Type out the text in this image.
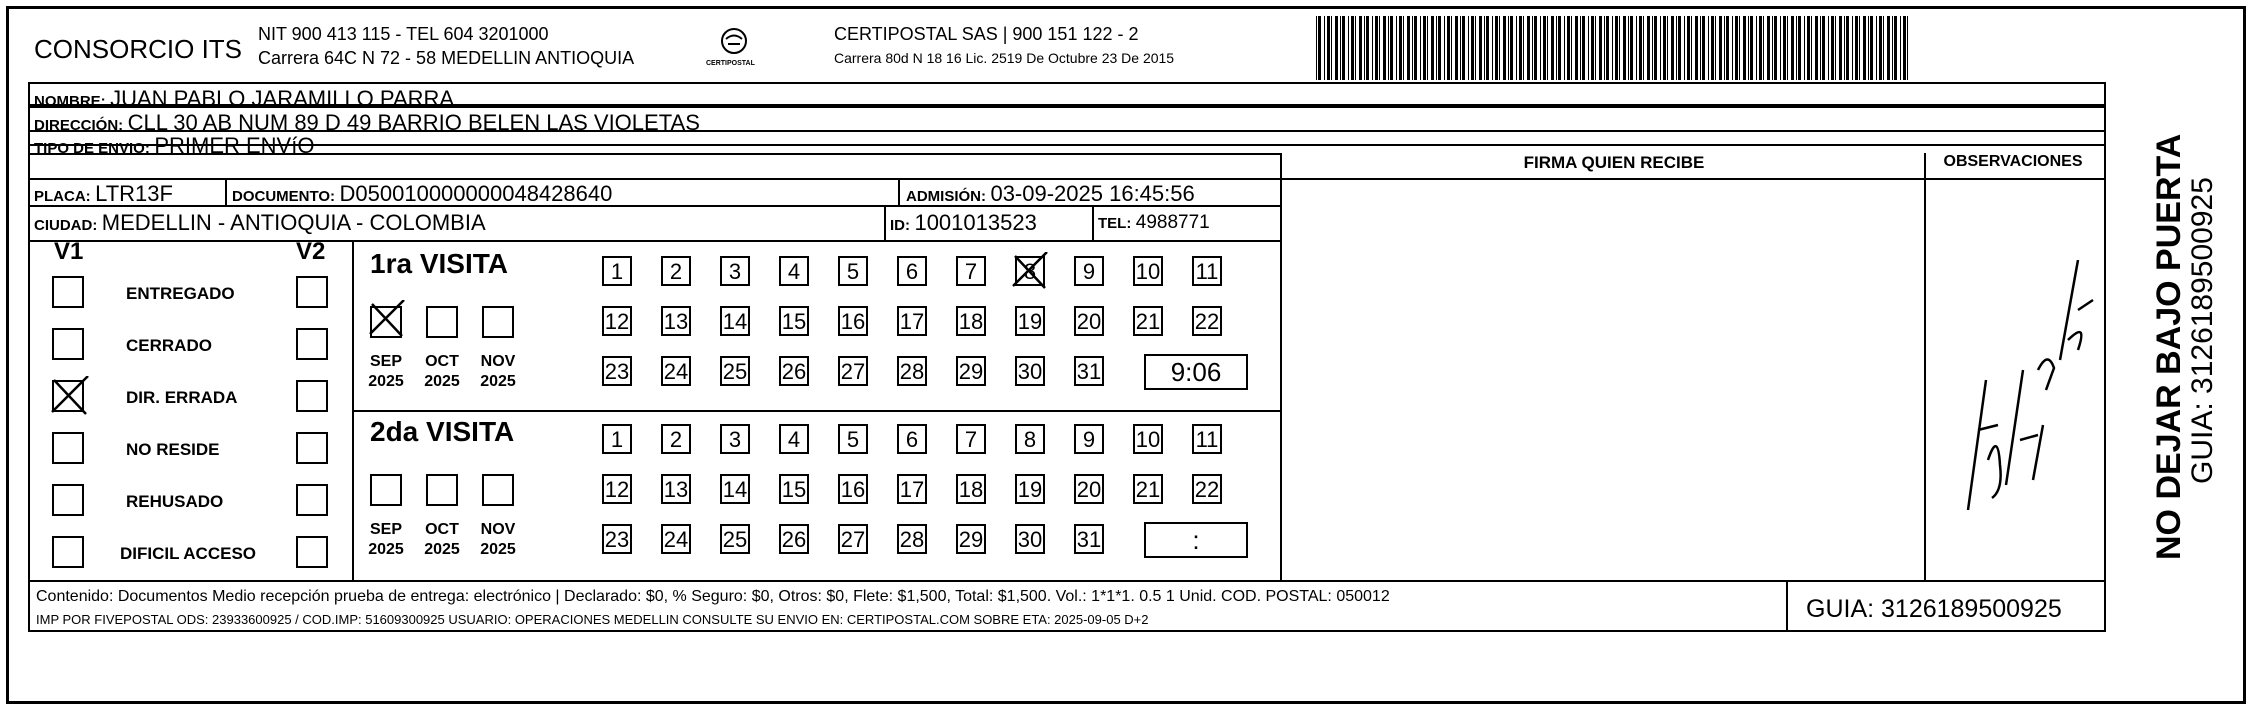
CONSORCIO ITS NIT 900 413 115 - TEL 604 3201000
Carrera 64C N 72 - 58 MEDELLIN ANTIOQUIA	CERTIPOSTAL
CERTIPOSTAL SAS | 900 151 122 - 2
Carrera 80d N 18 16 Lic. 2519 De Octubre 23 De 2015
NOMBRE: JUAN PABLO JARAMILLO PARRA
DIRECCIÓN: CLL 30 AB NUM 89 D 49 BARRIO BELEN LAS VIOLETAS
TIPO DE ENVIO: PRIMER ENVíO
PLACA: LTR13F	DOCUMENTO: D050010000000048428640	ADMISIÓN: 03-09-2025 16:45:56
CIUDAD: MEDELLIN - ANTIOQUIA - COLOMBIA	ID: 1001013523	TEL: 4988771
FIRMA QUIEN RECIBE	OBSERVACIONES
V1	V2
ENTREGADO
CERRADO
DIR. ERRADA
NO RESIDE
REHUSADO
DIFICIL ACCESO
1ra VISITA
SEP
2025
OCT
2025
NOV
2025
1	2	3	4	5	6	7	8	9	10 11
12 13 14 15 16 17 18 19 20 21 22
23 24 25 26 27 28 29 30 31	9:06
2da VISITA
SEP
2025
OCT
2025
NOV
2025
1	2	3	4	5	6	7	8	9	10 11
12 13 14 15 16 17 18 19 20 21 22
23 24 25 26 27 28 29 30 31	:
Contenido: Documentos Medio recepción prueba de entrega: electrónico | Declarado: $0, % Seguro: $0, Otros: $0, Flete: $1,500, Total: $1,500. Vol.: 1*1*1. 0.5 1 Unid. COD. POSTAL: 050012
IMP POR FIVEPOSTAL ODS: 23933600925 / COD.IMP: 51609300925 USUARIO: OPERACIONES MEDELLIN CONSULTE SU ENVIO EN: CERTIPOSTAL.COM SOBRE ETA: 2025-09-05 D+2	GUIA: 3126189500925
NO DEJAR BAJO PUERTA
GUIA: 3126189500925
